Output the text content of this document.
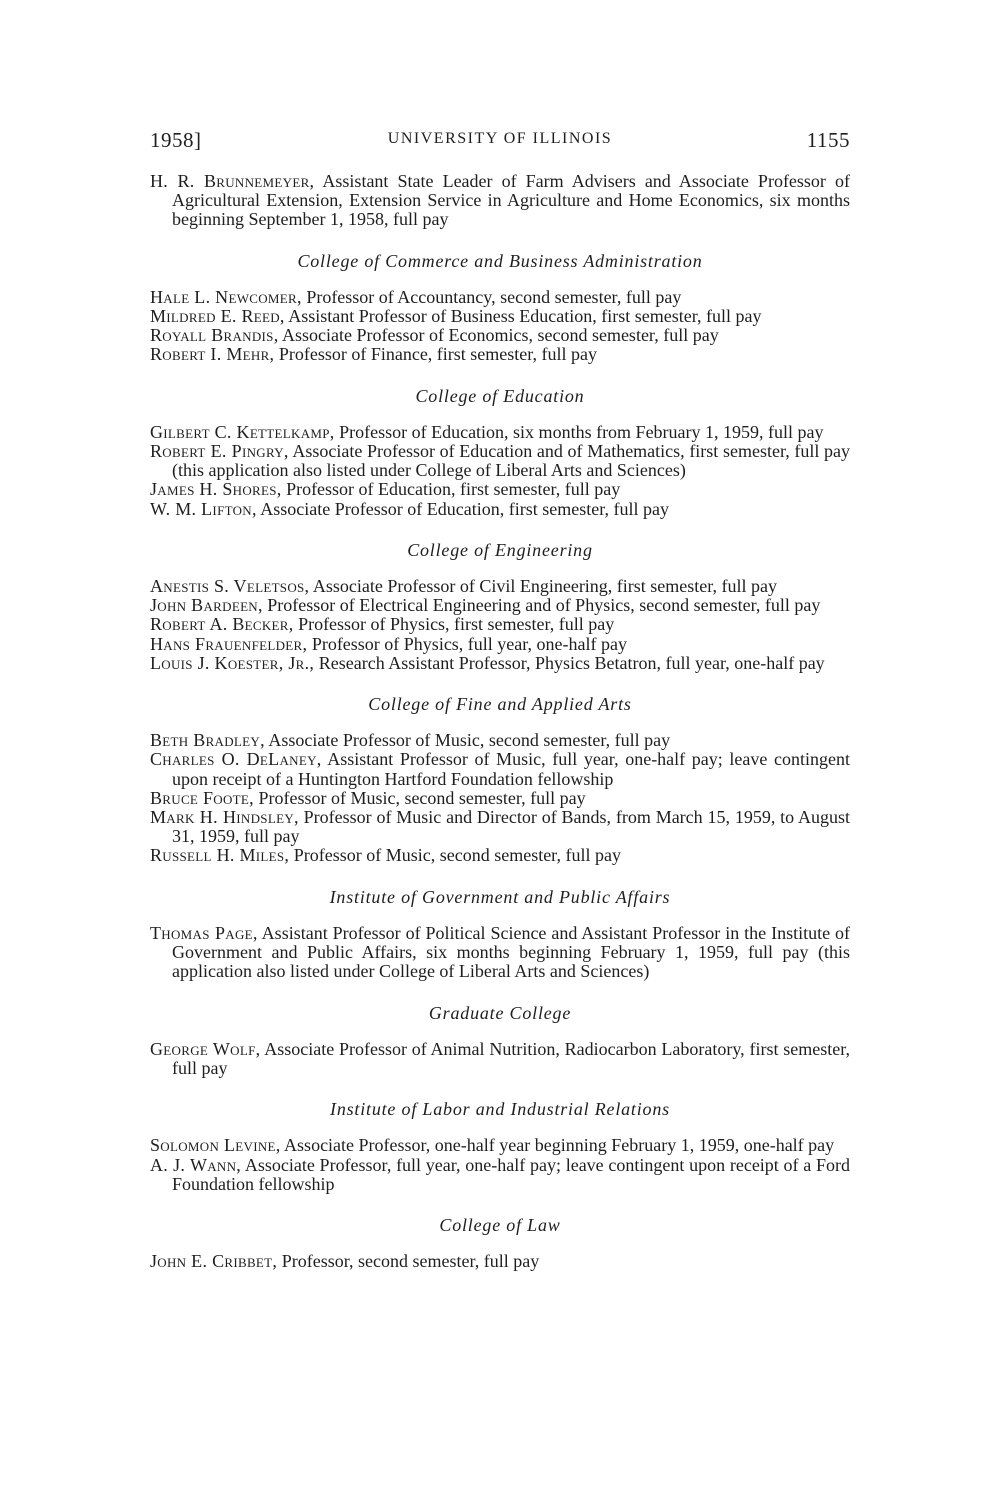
1958]	UNIVERSITY OF ILLINOIS	1155

H. R. Brunnemeyer, Assistant State Leader of Farm Advisers and Associate Professor of Agricultural Extension, Extension Service in Agriculture and Home Economics, six months beginning September 1, 1958, full pay

College of Commerce and Business Administration

Hale L. Newcomer, Professor of Accountancy, second semester, full pay

Mildred E. Reed, Assistant Professor of Business Education, first semester, full pay

Royall Brandis, Associate Professor of Economics, second semester, full pay

Robert I. Mehr, Professor of Finance, first semester, full pay

College of Education

Gilbert C. Kettelkamp, Professor of Education, six months from February 1, 1959, full pay

Robert E. Pingry, Associate Professor of Education and of Mathematics, first semester, full pay (this application also listed under College of Liberal Arts and Sciences)

James H. Shores, Professor of Education, first semester, full pay

W. M. Lifton, Associate Professor of Education, first semester, full pay

College of Engineering

Anestis S. Veletsos, Associate Professor of Civil Engineering, first semester, full pay

John Bardeen, Professor of Electrical Engineering and of Physics, second semester, full pay

Robert A. Becker, Professor of Physics, first semester, full pay

Hans Frauenfelder, Professor of Physics, full year, one-half pay

Louis J. Koester, Jr., Research Assistant Professor, Physics Betatron, full year, one-half pay

College of Fine and Applied Arts

Beth Bradley, Associate Professor of Music, second semester, full pay

Charles O. DeLaney, Assistant Professor of Music, full year, one-half pay; leave contingent upon receipt of a Huntington Hartford Foundation fellowship

Bruce Foote, Professor of Music, second semester, full pay

Mark H. Hindsley, Professor of Music and Director of Bands, from March 15, 1959, to August 31, 1959, full pay

Russell H. Miles, Professor of Music, second semester, full pay

Institute of Government and Public Affairs

Thomas Page, Assistant Professor of Political Science and Assistant Professor in the Institute of Government and Public Affairs, six months beginning February 1, 1959, full pay (this application also listed under College of Liberal Arts and Sciences)

Graduate College

George Wolf, Associate Professor of Animal Nutrition, Radiocarbon Laboratory, first semester, full pay

Institute of Labor and Industrial Relations

Solomon Levine, Associate Professor, one-half year beginning February 1, 1959, one-half pay

A. J. Wann, Associate Professor, full year, one-half pay; leave contingent upon receipt of a Ford Foundation fellowship

College of Law

John E. Cribbet, Professor, second semester, full pay
